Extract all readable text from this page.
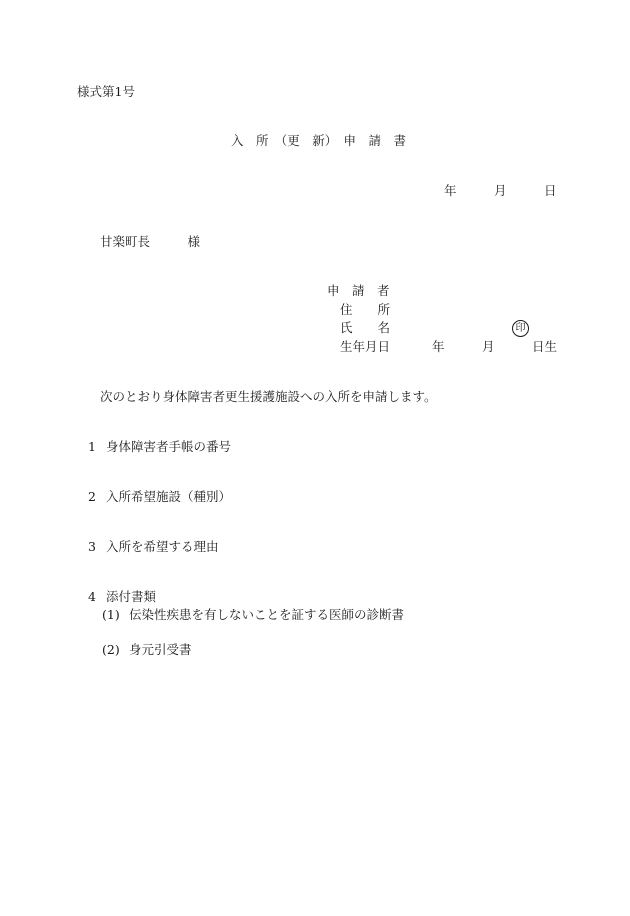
様式第1号
入　所　（更　新）　申　請　書
年　　　月　　　日
甘楽町長　　　様
申　請　者
住　　所
氏　　名	印
生年月日	年　　　月　　　日生
次のとおり身体障害者更生援護施設への入所を申請します。
1 身体障害者手帳の番号
2 入所希望施設（種別）
3 入所を希望する理由
4 添付書類
(1) 伝染性疾患を有しないことを証する医師の診断書
(2) 身元引受書
